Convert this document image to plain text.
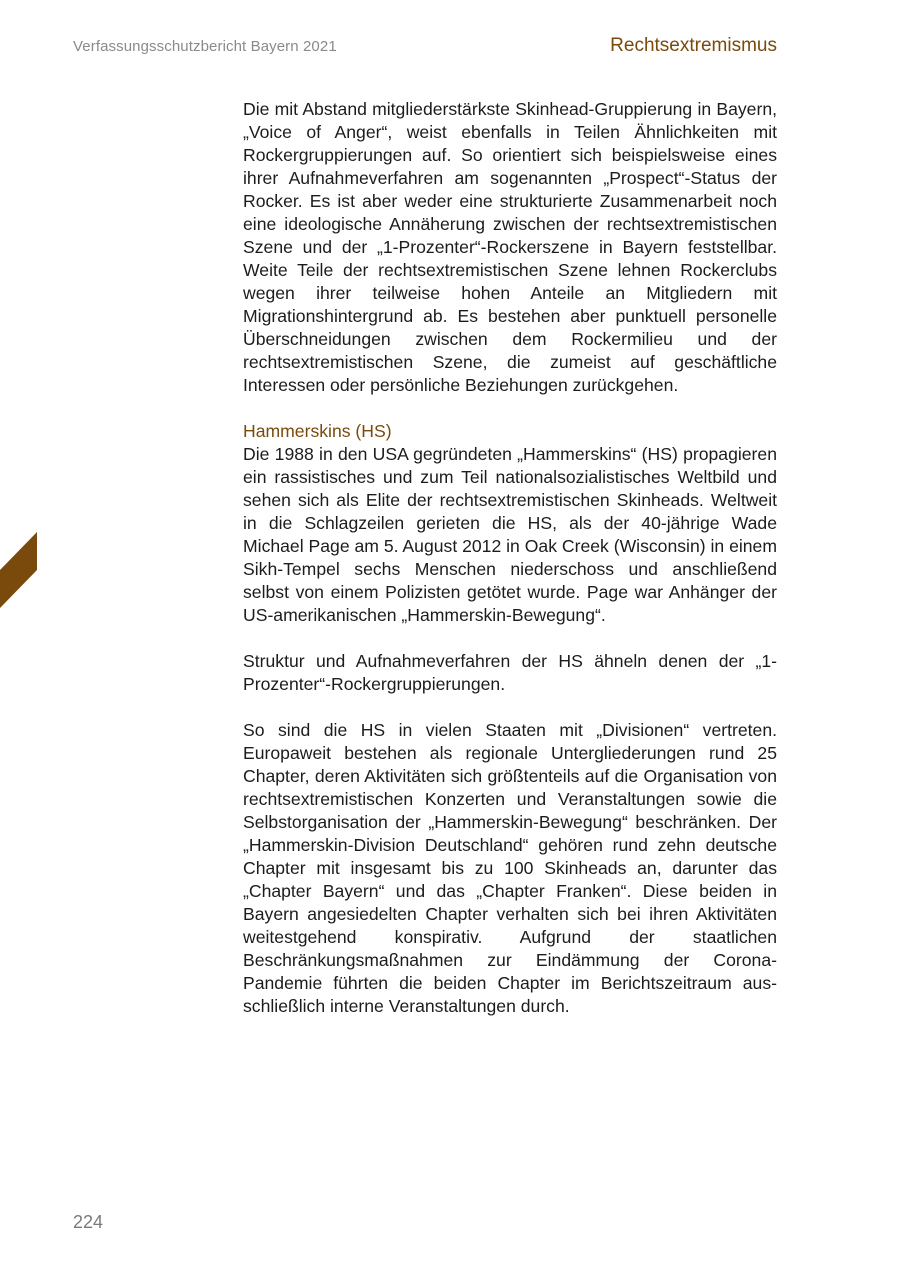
Verfassungsschutzbericht Bayern 2021	Rechtsextremismus

Die mit Abstand mitgliederstärkste Skinhead-Gruppierung in Bayern, „Voice of Anger“, weist ebenfalls in Teilen Ähnlichkeiten mit Rockergruppierungen auf. So orientiert sich beispielsweise eines ihrer Aufnahmeverfahren am sogenannten „Prospect“-Status der Rocker. Es ist aber weder eine strukturierte Zusammenarbeit noch eine ideologische Annäherung zwischen der rechtsextremistischen Szene und der „1-Prozenter“-Rockerszene in Bayern feststellbar. Weite Teile der rechtsextremistischen Szene lehnen Rockerclubs wegen ihrer teilweise hohen Anteile an Mitgliedern mit Migrationshintergrund ab. Es bestehen aber punktuell personelle Überschneidungen zwischen dem Rockermilieu und der rechtsextremistischen Szene, die zumeist auf geschäftliche Interessen oder persönliche Beziehungen zurückgehen.

Hammerskins (HS)

Die 1988 in den USA gegründeten „Hammerskins“ (HS) propagieren ein rassistisches und zum Teil nationalsozialistisches Weltbild und sehen sich als Elite der rechtsextremistischen Skinheads. Weltweit in die Schlagzeilen gerieten die HS, als der 40-jährige Wade Michael Page am 5. August 2012 in Oak Creek (Wisconsin) in einem Sikh-Tempel sechs Menschen niederschoss und anschließend selbst von einem Polizisten getötet wurde. Page war Anhänger der US-amerikanischen „Hammerskin-Bewegung“.

Struktur und Aufnahmeverfahren der HS ähneln denen der „1-Prozenter“-Rockergruppierungen.

So sind die HS in vielen Staaten mit „Divisionen“ vertreten. Europaweit bestehen als regionale Untergliederungen rund 25 Chapter, deren Aktivitäten sich größtenteils auf die Organisation von rechtsextremistischen Konzerten und Veranstaltungen sowie die Selbstorganisation der „Hammerskin-Bewegung“ beschränken. Der „Hammerskin-Division Deutschland“ gehören rund zehn deutsche Chapter mit insgesamt bis zu 100 Skinheads an, darunter das „Chapter Bayern“ und das „Chapter Franken“. Diese beiden in Bayern angesiedelten Chapter verhalten sich bei ihren Aktivitäten weitestgehend konspirativ. Aufgrund der staatlichen Beschränkungsmaßnahmen zur Eindämmung der Corona-Pandemie führten die beiden Chapter im Berichtszeitraum ausschließlich interne Veranstaltungen durch.

224
